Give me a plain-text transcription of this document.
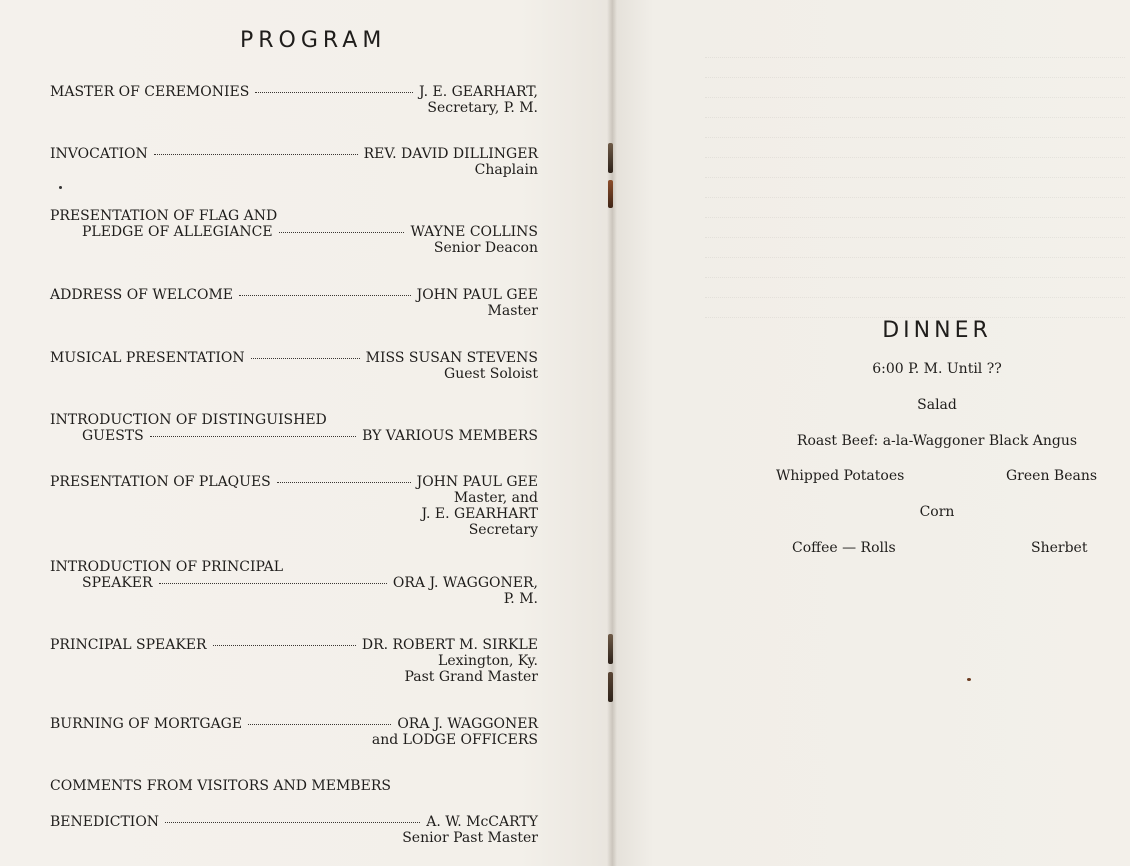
PROGRAM
MASTER OF CEREMONIES	J. E. GEARHART,
Secretary, P. M.
INVOCATION	REV. DAVID DILLINGER
Chaplain
PRESENTATION OF FLAG AND
PLEDGE OF ALLEGIANCE	WAYNE COLLINS
Senior Deacon
ADDRESS OF WELCOME	JOHN PAUL GEE
Master
MUSICAL PRESENTATION	MISS SUSAN STEVENS
Guest Soloist
INTRODUCTION OF DISTINGUISHED
GUESTS	BY VARIOUS MEMBERS
PRESENTATION OF PLAQUES	JOHN PAUL GEE
Master, and
J. E. GEARHART
Secretary
INTRODUCTION OF PRINCIPAL
SPEAKER	ORA J. WAGGONER,
P. M.
PRINCIPAL SPEAKER	DR. ROBERT M. SIRKLE
Lexington, Ky.
Past Grand Master
BURNING OF MORTGAGE	ORA J. WAGGONER
and LODGE OFFICERS
COMMENTS FROM VISITORS AND MEMBERS
BENEDICTION	A. W. McCARTY
Senior Past Master
DINNER
6:00 P. M. Until ??
Salad
Roast Beef: a-la-Waggoner Black Angus
Whipped Potatoes	Green Beans
Corn
Coffee — Rolls	Sherbet
